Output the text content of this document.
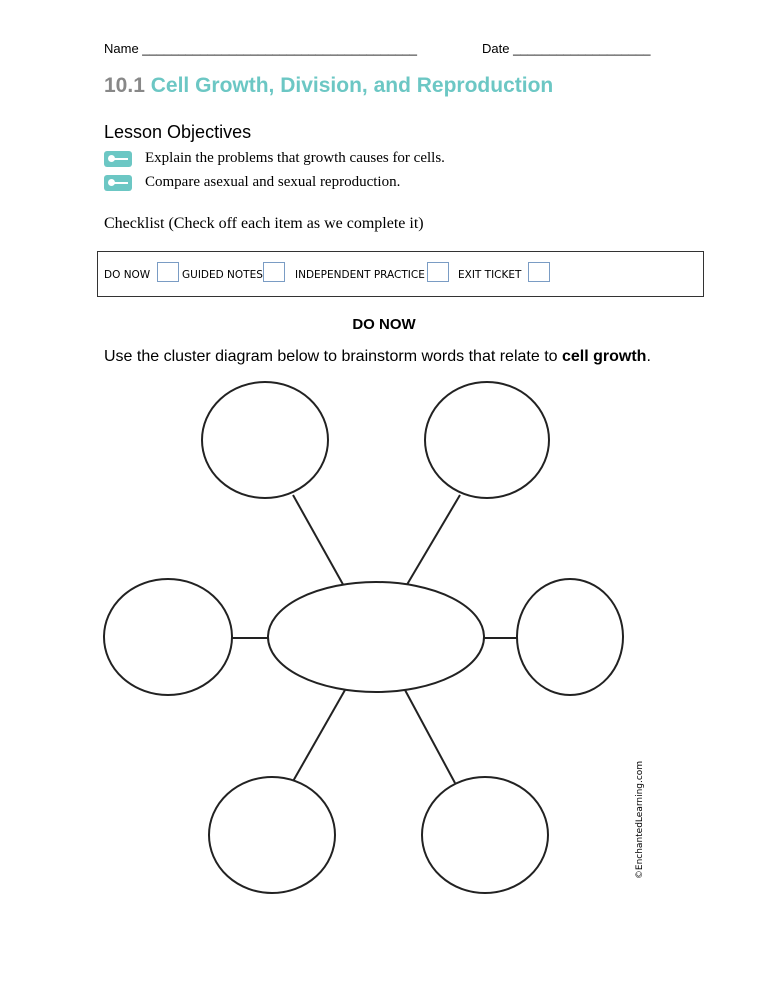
Name ______________________________________	Date ___________________
10.1 Cell Growth, Division, and Reproduction
Lesson Objectives
Explain the problems that growth causes for cells.
Compare asexual and sexual reproduction.
Checklist (Check off each item as we complete it)
DO NOW	GUIDED NOTES	INDEPENDENT PRACTICE	EXIT TICKET
DO NOW
Use the cluster diagram below to brainstorm words that relate to cell growth.
©EnchantedLearning.com
